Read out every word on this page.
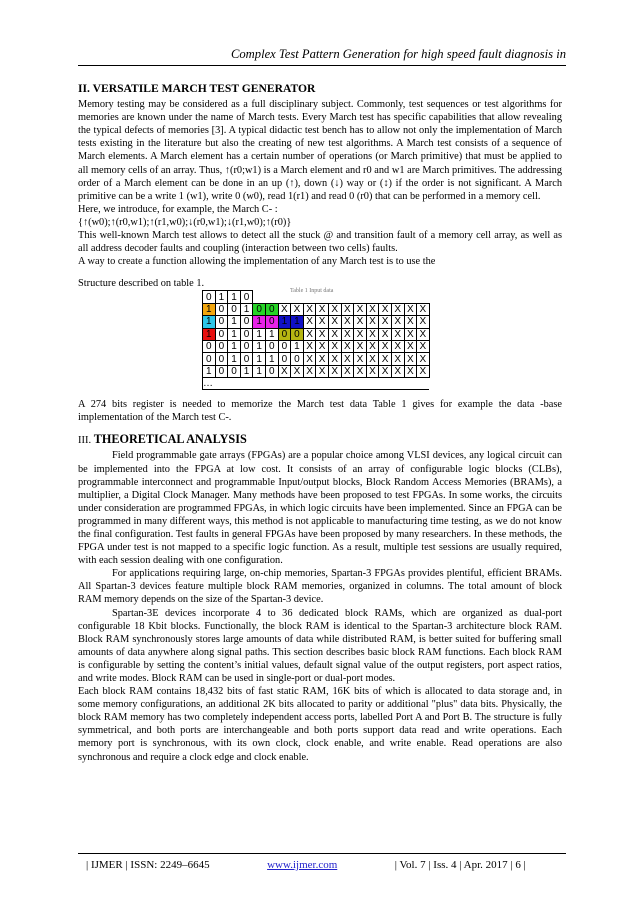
Complex Test Pattern Generation for high speed fault diagnosis in

II. VERSATILE MARCH TEST GENERATOR

Memory testing may be considered as a full disciplinary subject. Commonly, test sequences or test algorithms for memories are known under the name of March tests. Every March test has specific capabilities that allow revealing the typical defects of memories [3]. A typical didactic test bench has to allow not only the implementation of March tests existing in the literature but also the creating of new test algorithms. A March test consists of a sequence of March elements. A March element has a certain number of operations (or March primitive) that must be applied to all memory cells of an array. Thus, ↑(r0;w1) is a March element and r0 and w1 are March primitives. The addressing order of a March element can be done in an up (↑), down (↓) way or (↕) if the order is not significant. A March primitive can be a write 1 (w1), write 0 (w0), read 1(r1) and read 0 (r0) that can be performed in a memory cell.

Here, we introduce, for example, the March C- :

{↑(w0);↑(r0,w1);↑(r1,w0);↓(r0,w1);↓(r1,w0);↑(r0)}

This well-known March test allows to detect all the stuck @ and transition fault of a memory cell array, as well as all address decoder faults and coupling (interaction between two cells) faults.

A way to create a function allowing the implementation of any March test is to use the

Structure described on table 1.

Table 1 Input data
0	1	1	0														
1	0	0	1	0	0	X	X	X	X	X	X	X	X	X	X	X	X
1	0	1	0	1	0	1	1	X	X	X	X	X	X	X	X	X	X
1	0	1	0	1	1	0	0	X	X	X	X	X	X	X	X	X	X
0	0	1	0	1	0	0	1	X	X	X	X	X	X	X	X	X	X
0	0	1	0	1	1	0	0	X	X	X	X	X	X	X	X	X	X
1	0	0	1	1	0	X	X	X	X	X	X	X	X	X	X	X	X
…																	

A 274 bits register is needed to memorize the March test data Table 1 gives for example the data -base implementation of the March test C-.

III. THEORETICAL ANALYSIS

Field programmable gate arrays (FPGAs) are a popular choice among VLSI devices, any logical circuit can be implemented into the FPGA at low cost. It consists of an array of configurable logic blocks (CLBs), programmable interconnect and programmable Input/output blocks, Block Random Access Memories (BRAMs), a multiplier, a Digital Clock Manager. Many methods have been proposed to test FPGAs. In some works, the circuits under consideration are programmed FPGAs, in which logic circuits have been implemented. Since an FPGA can be programmed in many different ways, this method is not applicable to manufacturing time testing, as we do not know the final configuration. Test faults in general FPGAs have been proposed by many researchers. In these methods, the FPGA under test is not mapped to a specific logic function. As a result, multiple test sessions are usually required, with each session dealing with one configuration.

For applications requiring large, on-chip memories, Spartan-3 FPGAs provides plentiful, efficient BRAMs. All Spartan-3 devices feature multiple block RAM memories, organized in columns. The total amount of block RAM memory depends on the size of the Spartan-3 device.

Spartan-3E devices incorporate 4 to 36 dedicated block RAMs, which are organized as dual-port configurable 18 Kbit blocks. Functionally, the block RAM is identical to the Spartan-3 architecture block RAM. Block RAM synchronously stores large amounts of data while distributed RAM, is better suited for buffering small amounts of data anywhere along signal paths. This section describes basic block RAM functions. Each block RAM is configurable by setting the content’s initial values, default signal value of the output registers, port aspect ratios, and write modes. Block RAM can be used in single-port or dual-port modes.

Each block RAM contains 18,432 bits of fast static RAM, 16K bits of which is allocated to data storage and, in some memory configurations, an additional 2K bits allocated to parity or additional "plus" data bits. Physically, the block RAM memory has two completely independent access ports, labelled Port A and Port B. The structure is fully symmetrical, and both ports are interchangeable and both ports support data read and write operations. Each memory port is synchronous, with its own clock, clock enable, and write enable. Read operations are also synchronous and require a clock edge and clock enable.

| IJMER | ISSN: 2249–6645	www.ijmer.com	| Vol. 7 | Iss. 4 | Apr. 2017 | 6 |
